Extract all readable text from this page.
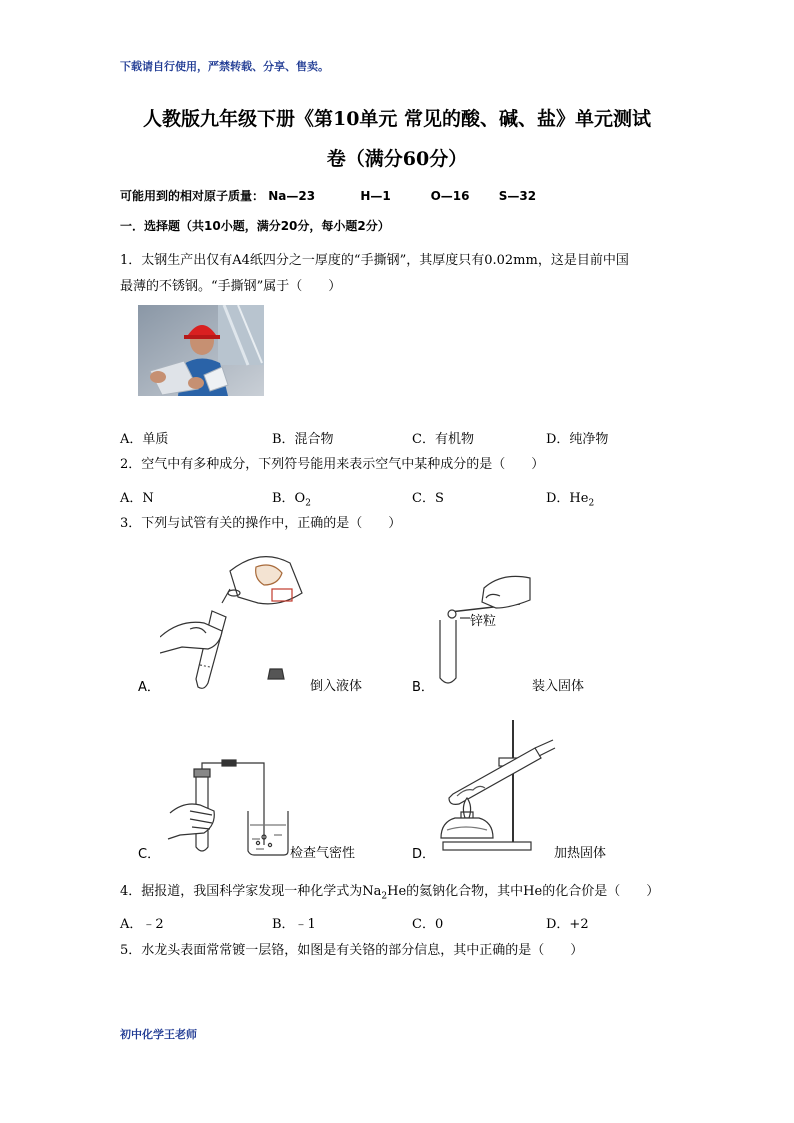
下载请自行使用，严禁转载、分享、售卖。
人教版九年级下册《第10单元 常见的酸、碱、盐》单元测试
卷（满分60分）
可能用到的相对原子质量： Na—23	H—1	O—16 S—32
一．选择题（共10小题，满分20分，每小题2分）
1．太钢生产出仅有A4纸四分之一厚度的“手撕钢”，其厚度只有0.02mm，这是目前中国
最薄的不锈钢。“手撕钢”属于（　　）
A．单质	B．混合物	C．有机物	D．纯净物
2．空气中有多种成分，下列符号能用来表示空气中某种成分的是（　　）
A．N	B．$O_2$	C．S	D．$He_2$
3．下列与试管有关的操作中，正确的是（　　）
A．	倒入液体
锌粒
B．	装入固体
C．	检查气密性	D．	加热固体
4．据报道，我国科学家发现一种化学式为$Na_2He$的氦钠化合物，其中He的化合价是（　　）
A．﹣2	B．﹣1	C．0	D．+2
5．水龙头表面常常镀一层铬，如图是有关铬的部分信息，其中正确的是（　　）
初中化学王老师
